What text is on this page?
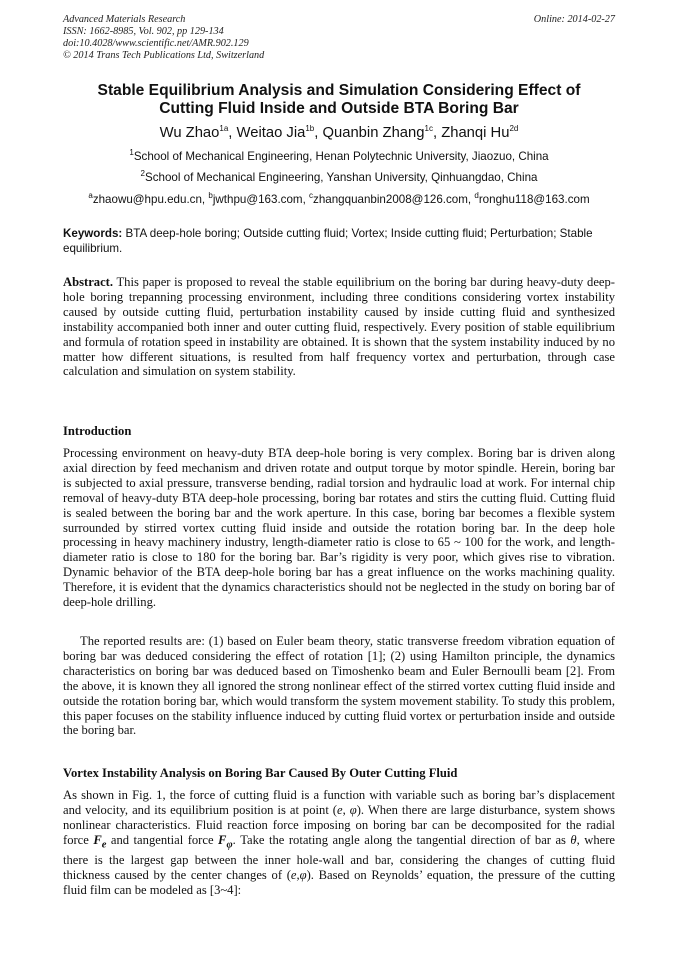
Advanced Materials Research
ISSN: 1662-8985, Vol. 902, pp 129-134
doi:10.4028/www.scientific.net/AMR.902.129
© 2014 Trans Tech Publications Ltd, Switzerland
Online: 2014-02-27
Stable Equilibrium Analysis and Simulation Considering Effect of
Cutting Fluid Inside and Outside BTA Boring Bar
Wu Zhao$^{1a}$, Weitao Jia$^{1b}$, Quanbin Zhang$^{1c}$, Zhanqi $Hu^{2d}$
$^1$School of Mechanical Engineering, Henan Polytechnic University, Jiaozuo, China
$^2$School of Mechanical Engineering, Yanshan University, Qinhuangdao, China
$^a$zhaowu@hpu.edu.cn, $^b$jwthpu@163.com, $^c$zhangquanbin2008@126.com, $^d$ronghu118@163.com
Keywords: BTA deep-hole boring; Outside cutting fluid; Vortex; Inside cutting fluid; Perturbation; Stable equilibrium.
Abstract. This paper is proposed to reveal the stable equilibrium on the boring bar during heavy-duty deep-hole boring trepanning processing environment, including three conditions considering vortex instability caused by outside cutting fluid, perturbation instability caused by inside cutting fluid and synthesized instability accompanied both inner and outer cutting fluid, respectively. Every position of stable equilibrium and formula of rotation speed in instability are obtained. It is shown that the system instability induced by no matter how different situations, is resulted from half frequency vortex and perturbation, through case calculation and simulation on system stability.
Introduction
Processing environment on heavy-duty BTA deep-hole boring is very complex. Boring bar is driven along axial direction by feed mechanism and driven rotate and output torque by motor spindle. Herein, boring bar is subjected to axial pressure, transverse bending, radial torsion and hydraulic load at work. For internal chip removal of heavy-duty BTA deep-hole processing, boring bar rotates and stirs the cutting fluid. Cutting fluid is sealed between the boring bar and the work aperture. In this case, boring bar becomes a flexible system surrounded by stirred vortex cutting fluid inside and outside the rotation boring bar. In the deep hole processing in heavy machinery industry, length-diameter ratio is close to 65 ~ 100 for the work, and length-diameter ratio is close to 180 for the boring bar. Bar’s rigidity is very poor, which gives rise to vibration. Dynamic behavior of the BTA deep-hole boring bar has a great influence on the works machining quality. Therefore, it is evident that the dynamics characteristics should not be neglected in the study on boring bar of deep-hole drilling.
The reported results are: (1) based on Euler beam theory, static transverse freedom vibration equation of boring bar was deduced considering the effect of rotation [1]; (2) using Hamilton principle, the dynamics characteristics on boring bar was deduced based on Timoshenko beam and Euler Bernoulli beam [2]. From the above, it is known they all ignored the strong nonlinear effect of the stirred vortex cutting fluid inside and outside the rotation boring bar, which would transform the system movement stability. To study this problem, this paper focuses on the stability influence induced by cutting fluid vortex or perturbation inside and outside the boring bar.
Vortex Instability Analysis on Boring Bar Caused By Outer Cutting Fluid
As shown in Fig. 1, the force of cutting fluid is a function with variable such as boring bar’s displacement and velocity, and its equilibrium position is at point (e, φ). When there are large disturbance, system shows nonlinear characteristics. Fluid reaction force imposing on boring bar can be decomposited for the radial force $F_e$ and tangential force $F_\varphi$. Take the rotating angle along the tangential direction of bar as θ, where there is the largest gap between the inner hole-wall and bar, considering the changes of cutting fluid thickness caused by the center changes of (e,φ). Based on Reynolds’ equation, the pressure of the cutting fluid film can be modeled as [3~4]:
